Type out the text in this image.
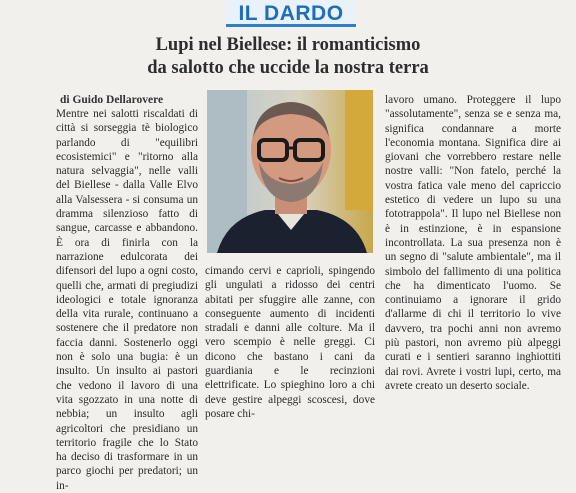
IL DARDO
Lupi nel Biellese: il romanticismo
da salotto che uccide la nostra terra
di Guido Dellarovere

Mentre nei salotti riscaldati di città si sorseggia tè biologico parlando di "equilibri ecosistemici" e "ritorno alla natura selvaggia", nelle valli del Biellese - dalla Valle Elvo alla Valsessera - si consuma un dramma silenzioso fatto di sangue, carcasse e abbandono. È ora di finirla con la narrazione edulcorata dei difensori del lupo a ogni costo, quelli che, armati di pregiudizi ideologici e totale ignoranza della vita rurale, continuano a sostenere che il predatore non faccia danni. Sostenerlo oggi non è solo una bugia: è un insulto. Un insulto ai pastori che vedono il lavoro di una vita sgozzato in una notte di nebbia; un insulto agli agricoltori che presidiano un territorio fragile che lo Stato ha deciso di trasformare in un parco giochi per predatori; un in-

cimando cervi e caprioli, spingendo gli ungulati a ridosso dei centri abitati per sfuggire alle zanne, con conseguente aumento di incidenti stradali e danni alle colture. Ma il vero scempio è nelle greggi. Ci dicono che bastano i cani da guardiania e le recinzioni elettrificate. Lo spieghino loro a chi deve gestire alpeggi scoscesi, dove posare chi-

lavoro umano. Proteggere il lupo "assolutamente", senza se e senza ma, significa condannare a morte l'economia montana. Significa dire ai giovani che vorrebbero restare nelle nostre valli: "Non fatelo, perché la vostra fatica vale meno del capriccio estetico di vedere un lupo su una fototrappola". Il lupo nel Biellese non è in estinzione, è in espansione incontrollata. La sua presenza non è un segno di "salute ambientale", ma il simbolo del fallimento di una politica che ha dimenticato l'uomo. Se continuiamo a ignorare il grido d'allarme di chi il territorio lo vive davvero, tra pochi anni non avremo più pastori, non avremo più alpeggi curati e i sentieri saranno inghiottiti dai rovi. Avrete i vostri lupi, certo, ma avrete creato un deserto sociale.
